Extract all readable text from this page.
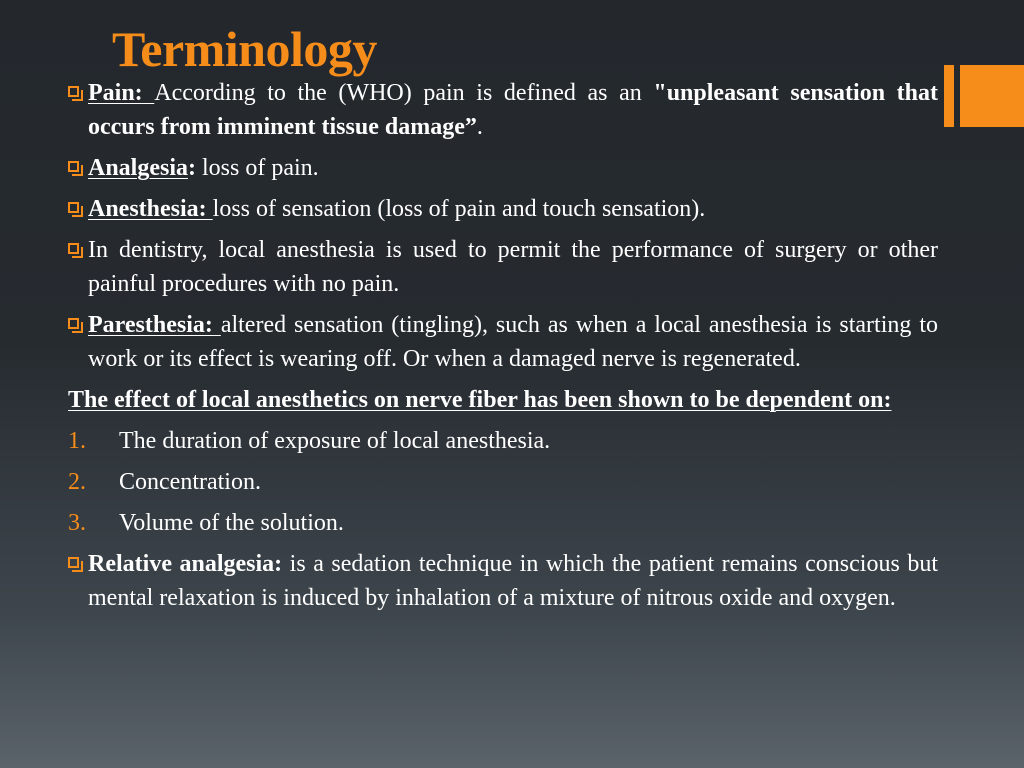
Terminology
Pain: According to the (WHO) pain is defined as an "unpleasant sensation that occurs from imminent tissue damage”.
Analgesia: loss of pain.
Anesthesia: loss of sensation (loss of pain and touch sensation).
In dentistry, local anesthesia is used to permit the performance of surgery or other painful procedures with no pain.
Paresthesia: altered sensation (tingling), such as when a local anesthesia is starting to work or its effect is wearing off. Or when a damaged nerve is regenerated.
The effect of local anesthetics on nerve fiber has been shown to be dependent on:
1. The duration of exposure of local anesthesia.
2. Concentration.
3. Volume of the solution.
Relative analgesia: is a sedation technique in which the patient remains conscious but mental relaxation is induced by inhalation of a mixture of nitrous oxide and oxygen.
